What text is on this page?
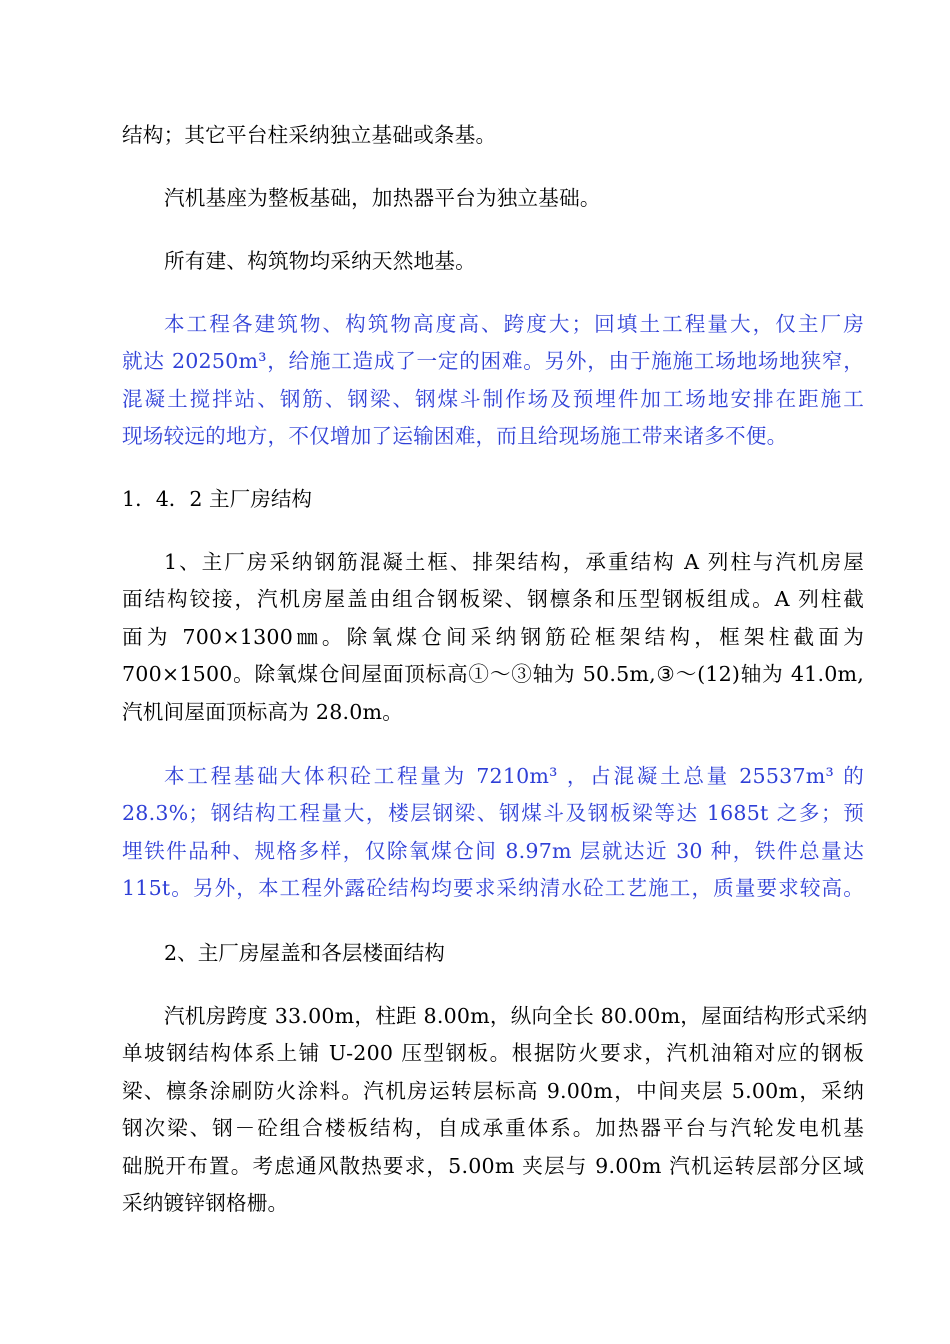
结构；其它平台柱采纳独立基础或条基。

汽机基座为整板基础，加热器平台为独立基础。

所有建、构筑物均采纳天然地基。

本工程各建筑物、构筑物高度高、跨度大；回填土工程量大，仅主厂房
就达 20250m³，给施工造成了一定的困难。另外，由于施施工场地场地狭窄，
混凝土搅拌站、钢筋、钢梁、钢煤斗制作场及预埋件加工场地安排在距施工
现场较远的地方，不仅增加了运输困难，而且给现场施工带来诸多不便。

1．4．2 主厂房结构

1、主厂房采纳钢筋混凝土框、排架结构，承重结构 A 列柱与汽机房屋
面结构铰接，汽机房屋盖由组合钢板梁、钢檩条和压型钢板组成。A 列柱截
面为 700×1300㎜。除氧煤仓间采纳钢筋砼框架结构，框架柱截面为
700×1500。除氧煤仓间屋面顶标高①～③轴为 50.5m,③～(12)轴为 41.0m,
汽机间屋面顶标高为 28.0m。

本工程基础大体积砼工程量为 7210m³ ，占混凝土总量 25537m³ 的
28.3%；钢结构工程量大，楼层钢梁、钢煤斗及钢板梁等达 1685t 之多；预
埋铁件品种、规格多样，仅除氧煤仓间 8.97m 层就达近 30 种，铁件总量达
115t。另外，本工程外露砼结构均要求采纳清水砼工艺施工，质量要求较高。

2、主厂房屋盖和各层楼面结构

汽机房跨度 33.00m，柱距 8.00m，纵向全长 80.00m，屋面结构形式采纳
单坡钢结构体系上铺 U-200 压型钢板。根据防火要求，汽机油箱对应的钢板
梁、檩条涂刷防火涂料。汽机房运转层标高 9.00m，中间夹层 5.00m，采纳
钢次梁、钢－砼组合楼板结构，自成承重体系。加热器平台与汽轮发电机基
础脱开布置。考虑通风散热要求，5.00m 夹层与 9.00m 汽机运转层部分区域
采纳镀锌钢格栅。
